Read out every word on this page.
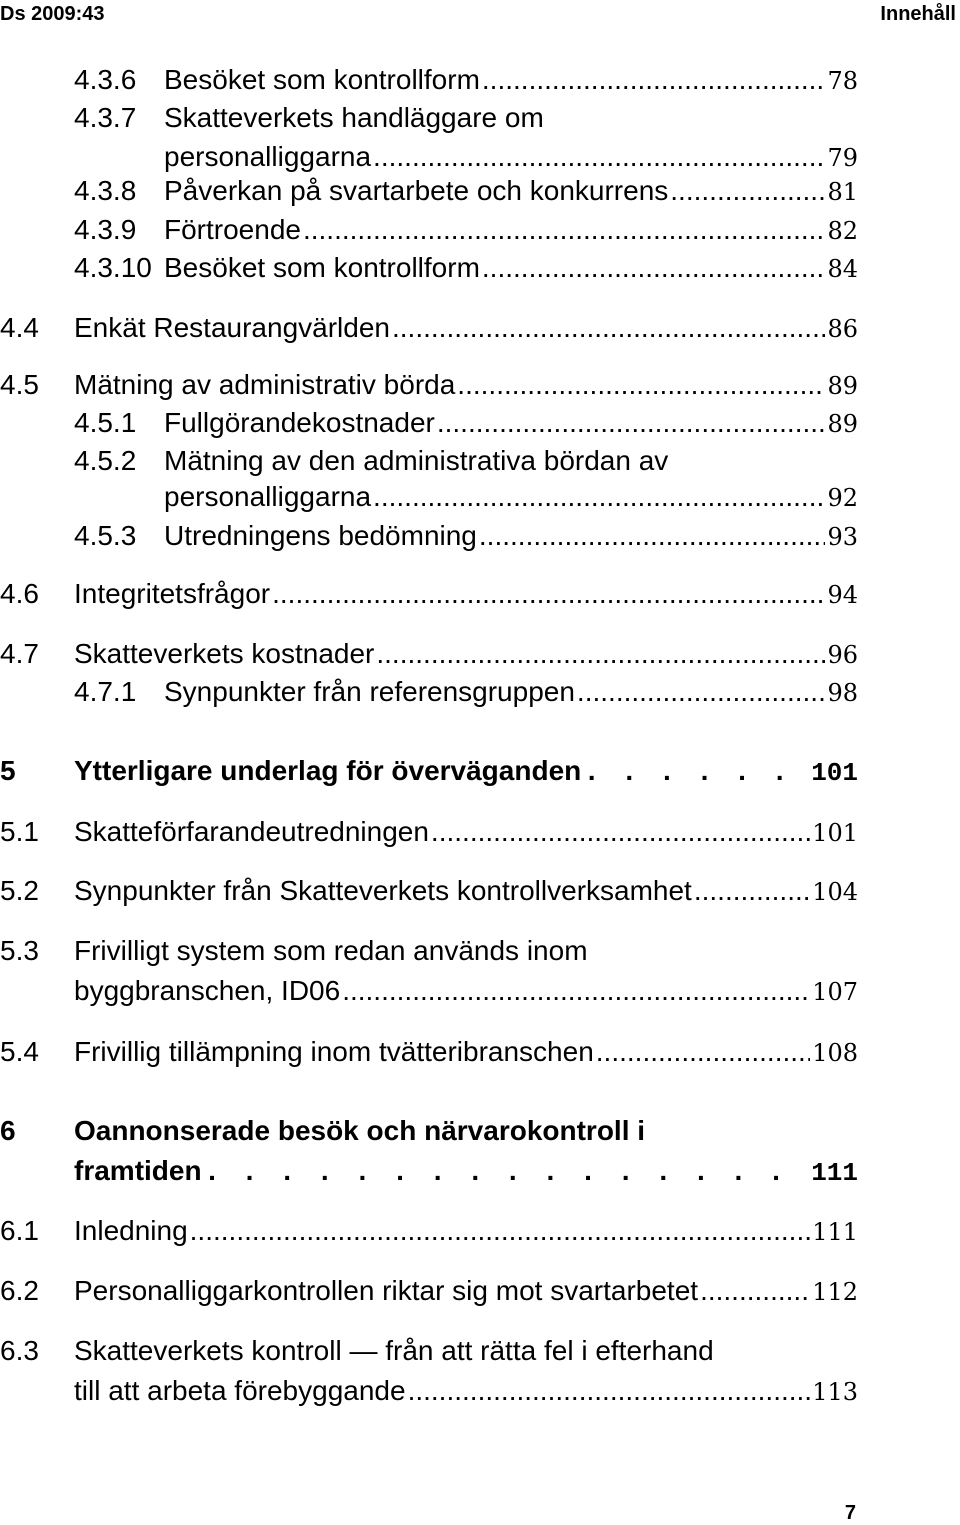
Ds 2009:43	Innehåll
4.3.6 Besöket som kontrollform .....	78
4.3.7 Skatteverkets handläggare om
personalliggarna .....	79
4.3.8 Påverkan på svartarbete och konkurrens .....	81
4.3.9 Förtroende .....	82
4.3.10 Besöket som kontrollform .....	84
4.4 Enkät Restaurangvärlden .....	86
4.5 Mätning av administrativ börda .....	89
4.5.1 Fullgörandekostnader .....	89
4.5.2 Mätning av den administrativa bördan av
personalliggarna .....	92
4.5.3 Utredningens bedömning .....	93
4.6 Integritetsfrågor .....	94
4.7 Skatteverkets kostnader .....	96
4.7.1 Synpunkter från referensgruppen .....	98
5 Ytterligare underlag för överväganden . . .	101
5.1 Skatteförfarandeutredningen .....	101
5.2 Synpunkter från Skatteverkets kontrollverksamhet .....	104
5.3 Frivilligt system som redan används inom
byggbranschen, ID06 .....	107
5.4 Frivillig tillämpning inom tvätteribranschen .....	108
6 Oannonserade besök och närvarokontroll i
framtiden . . .	111
6.1 Inledning .....	111
6.2 Personalliggarkontrollen riktar sig mot svartarbetet .....	112
6.3 Skatteverkets kontroll — från att rätta fel i efterhand
till att arbeta förebyggande .....	113
7
